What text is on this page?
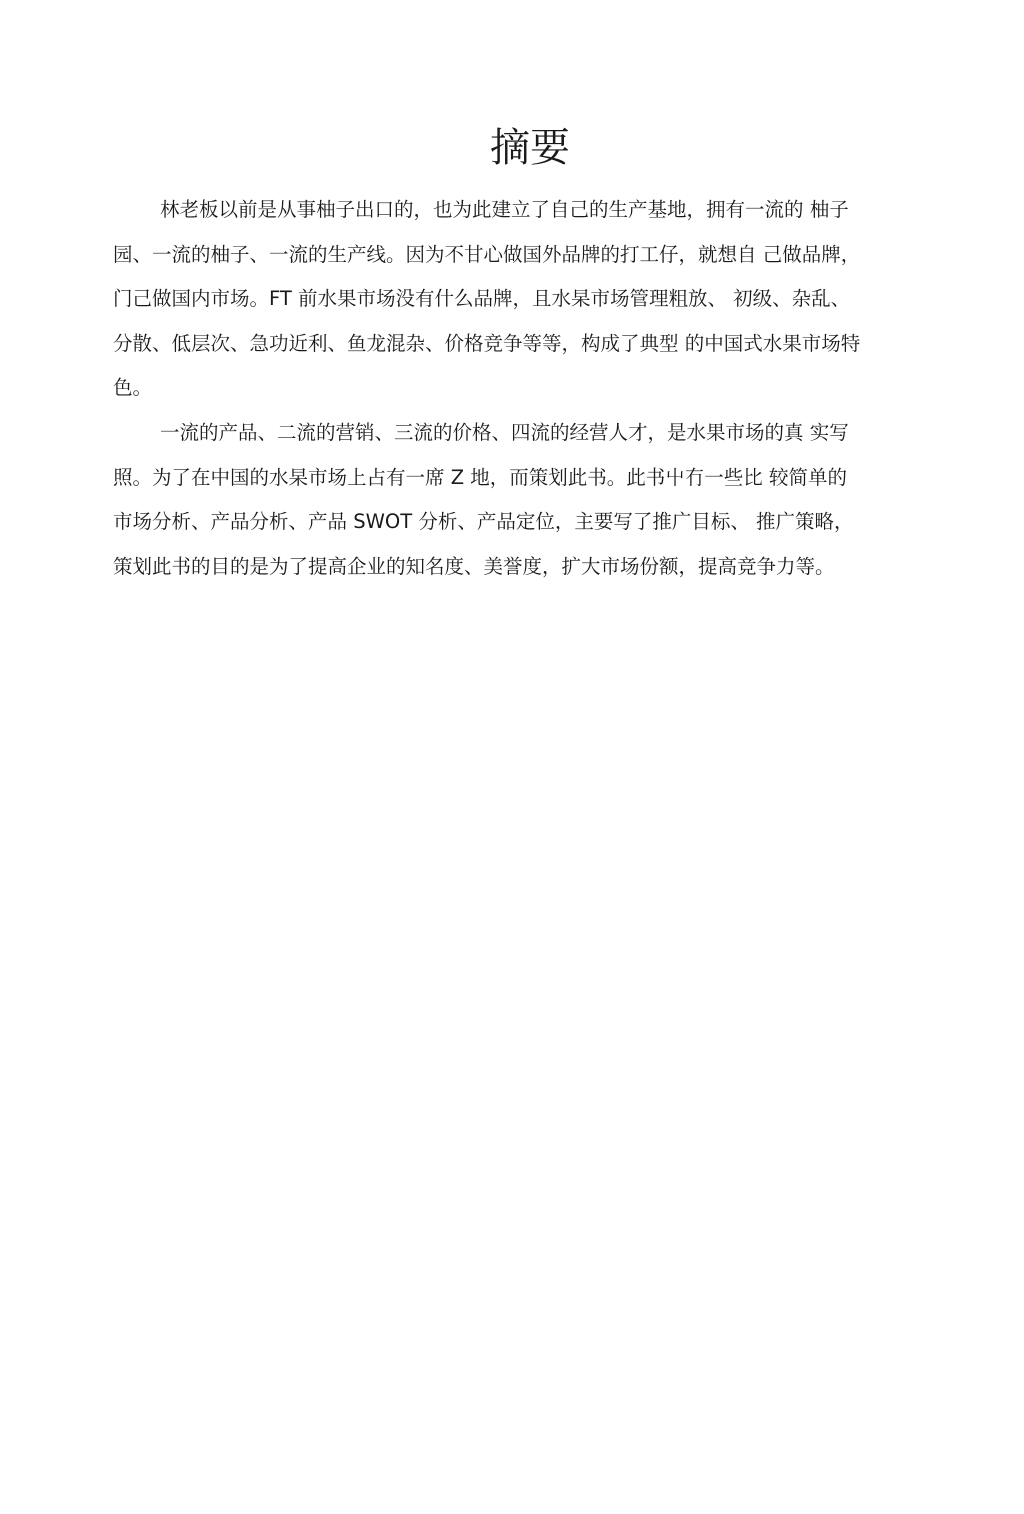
摘要

林老板以前是从事柚子出口的，也为此建立了自己的生产基地，拥有一流的 柚子

园、一流的柚子、一流的生产线。因为不甘心做国外品牌的打工仔，就想自 己做品牌，

门己做国内市场。FT 前水果市场没有什么品牌，且水杲市场管理粗放、 初级、杂乱、

分散、低层次、急功近利、鱼龙混杂、价格竞争等等，构成了典型 的中国式水果市场特

色。

一流的产品、二流的营销、三流的价格、四流的经营人才，是水果市场的真 实写

照。为了在中国的水杲市场上占有一席 Z 地，而策划此书。此书屮冇一些比 较简单的

市场分析、产品分析、产品 SWOT 分析、产品定位，主要写了推广目标、 推广策略，

策划此书的目的是为了提高企业的知名度、美誉度，扩大市场份额，提高竞争力等。
